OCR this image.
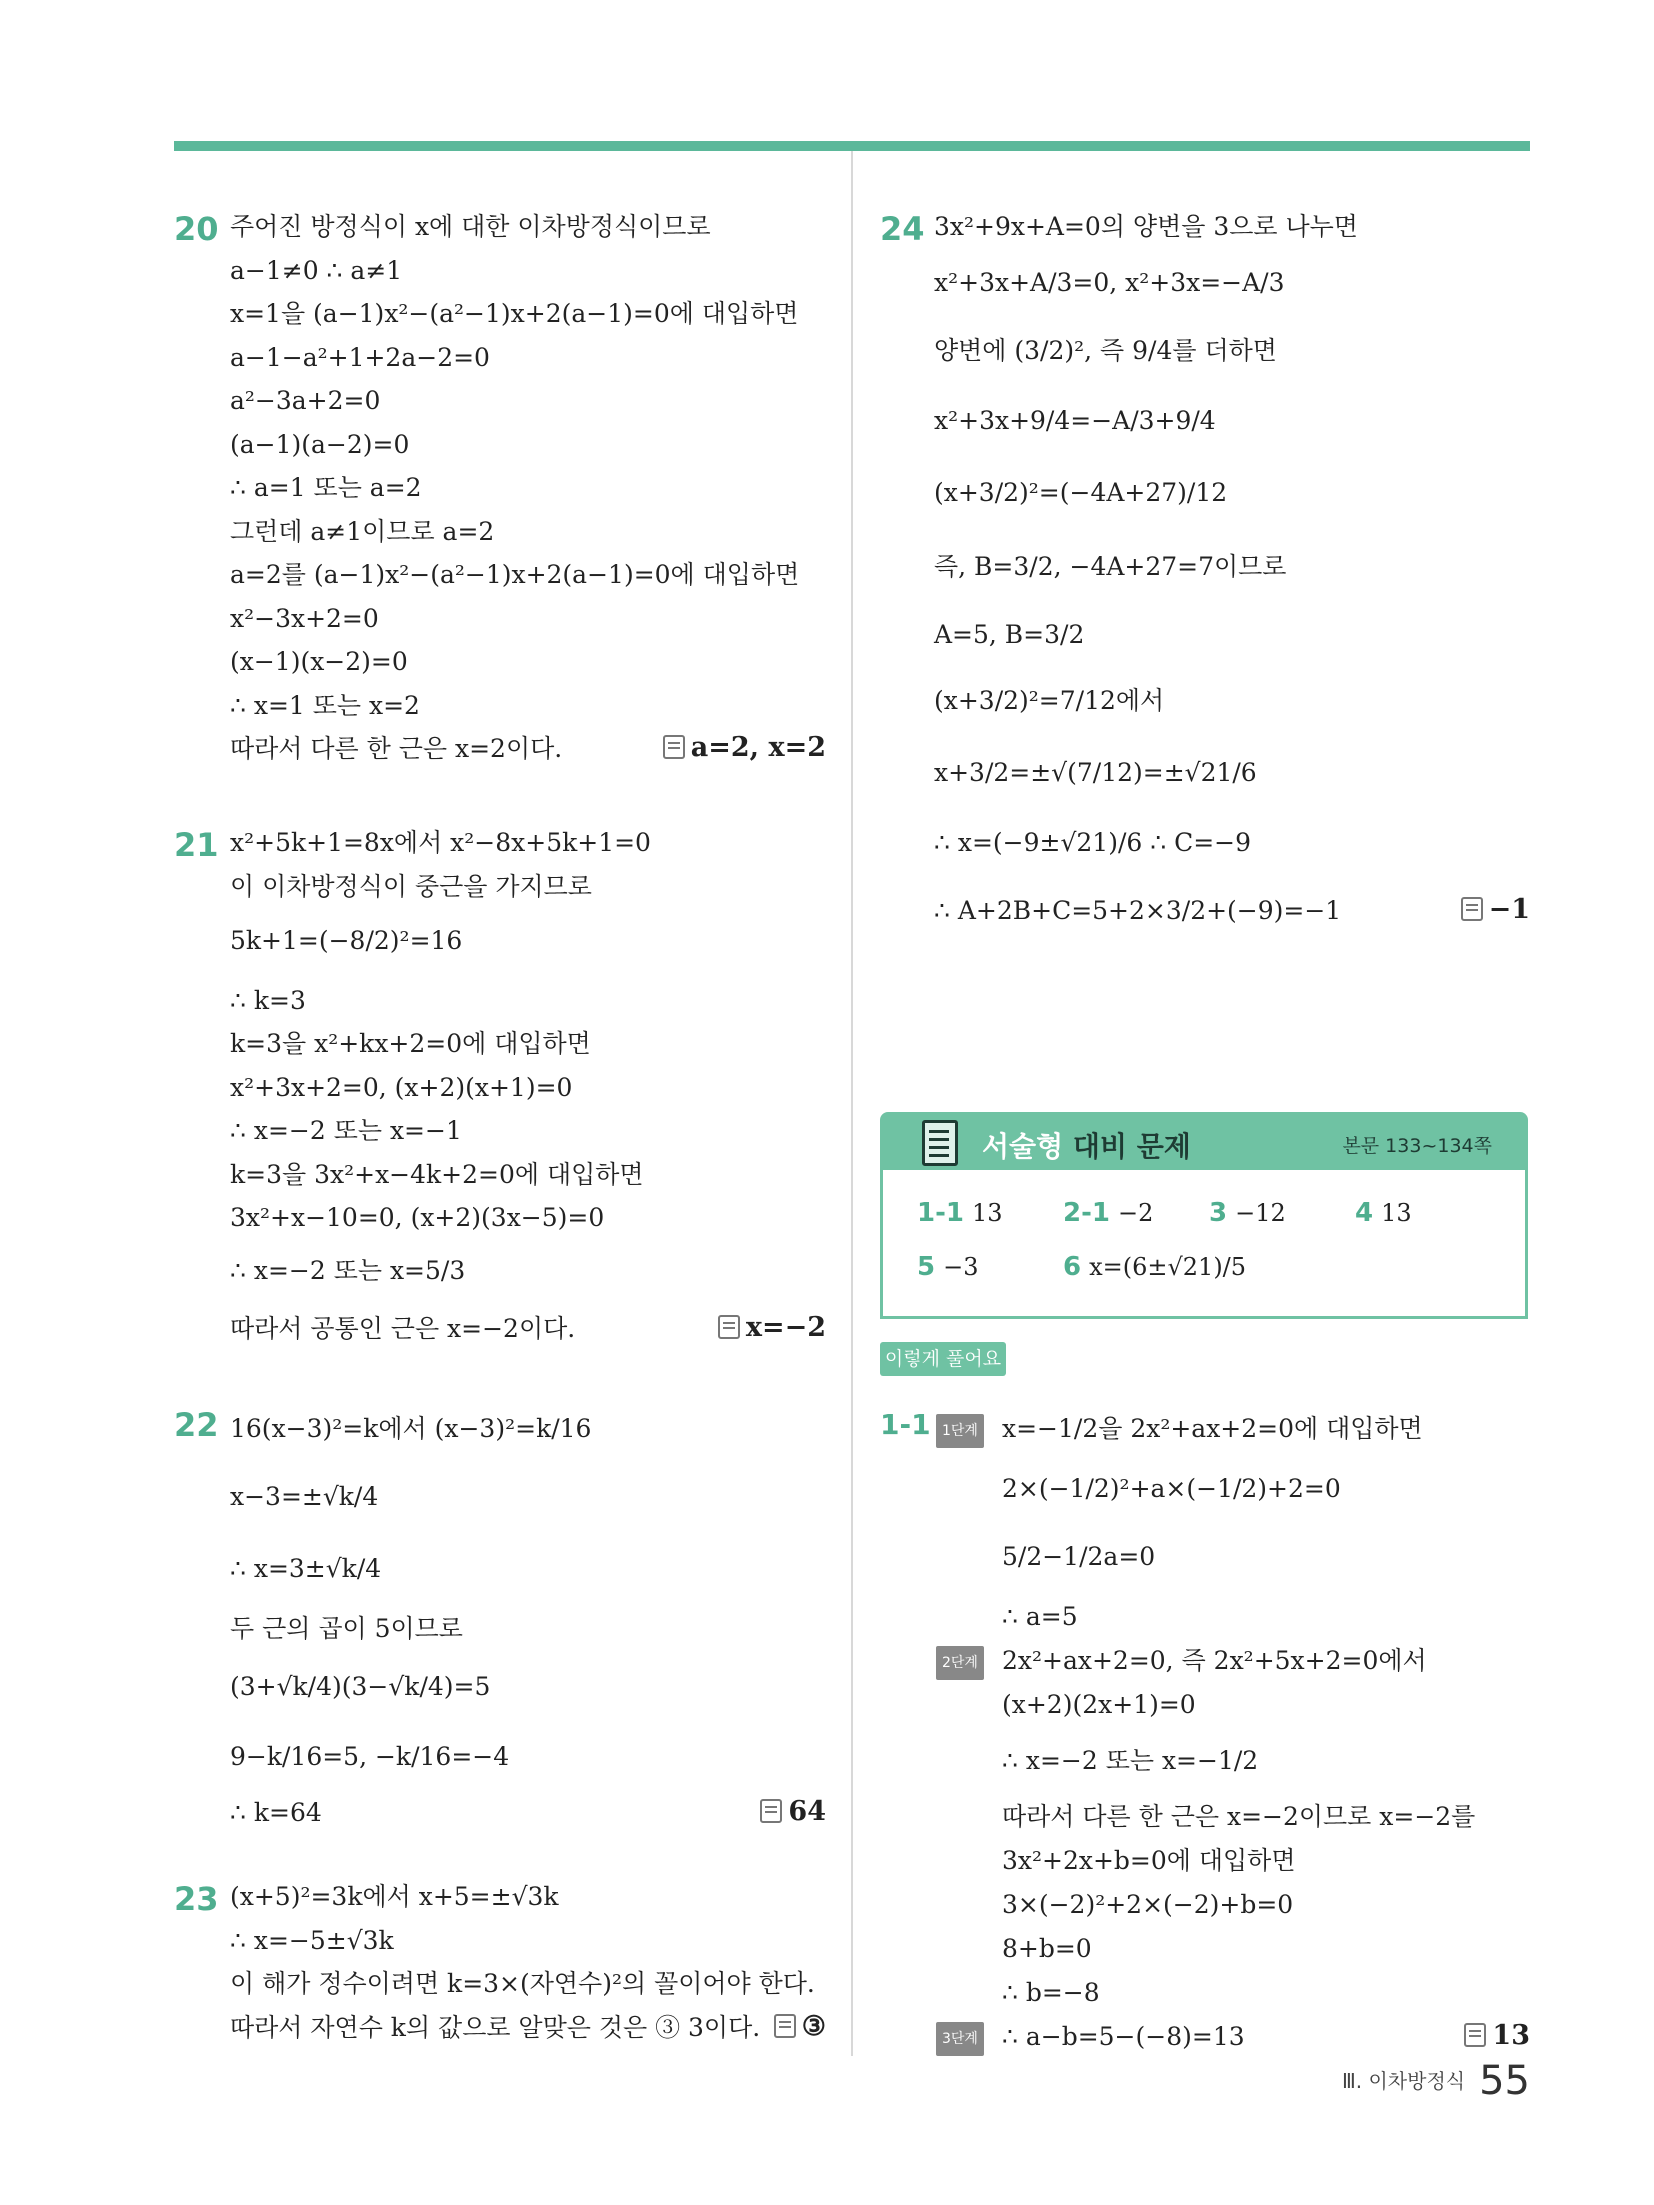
20 주어진 방정식이 x에 대한 이차방정식이므로
a−1≠0 ∴ a≠1
x=1을 (a−1)x²−(a²−1)x+2(a−1)=0에 대입하면
a−1−a²+1+2a−2=0
a²−3a+2=0
(a−1)(a−2)=0
∴ a=1 또는 a=2
그런데 a≠1이므로 a=2
a=2를 (a−1)x²−(a²−1)x+2(a−1)=0에 대입하면
x²−3x+2=0
(x−1)(x−2)=0
∴ x=1 또는 x=2
따라서 다른 한 근은 x=2이다.	a=2, x=2
21 x²+5k+1=8x에서 x²−8x+5k+1=0
이 이차방정식이 중근을 가지므로
5k+1=(−8/2)²=16
∴ k=3
k=3을 x²+kx+2=0에 대입하면
x²+3x+2=0, (x+2)(x+1)=0
∴ x=−2 또는 x=−1
k=3을 3x²+x−4k+2=0에 대입하면
3x²+x−10=0, (x+2)(3x−5)=0
∴ x=−2 또는 x=5/3
따라서 공통인 근은 x=−2이다.	x=−2
22 16(x−3)²=k에서 (x−3)²=k/16
x−3=±√k/4
∴ x=3±√k/4
두 근의 곱이 5이므로
(3+√k/4)(3−√k/4)=5
9−k/16=5, −k/16=−4
∴ k=64	64
23 (x+5)²=3k에서 x+5=±√3k
∴ x=−5±√3k
이 해가 정수이려면 k=3×(자연수)²의 꼴이어야 한다.
따라서 자연수 k의 값으로 알맞은 것은 ③ 3이다.	③
24 3x²+9x+A=0의 양변을 3으로 나누면
x²+3x+A/3=0, x²+3x=−A/3
양변에 (3/2)², 즉 9/4를 더하면
x²+3x+9/4=−A/3+9/4
(x+3/2)²=(−4A+27)/12
즉, B=3/2, −4A+27=7이므로
A=5, B=3/2
(x+3/2)²=7/12에서
x+3/2=±√(7/12)=±√21/6
∴ x=(−9±√21)/6 ∴ C=−9
∴ A+2B+C=5+2×3/2+(−9)=−1	−1
서술형 대비 문제	본문 133~134쪽
1-1 13 2-1 −2 3 −12	4 13
5 −3	6 x=(6±√21)/5
이렇게 풀어요
1-1 1단계 x=−1/2을 2x²+ax+2=0에 대입하면
2×(−1/2)²+a×(−1/2)+2=0
5/2−1/2a=0
∴ a=5
2단계 2x²+ax+2=0, 즉 2x²+5x+2=0에서
(x+2)(2x+1)=0
∴ x=−2 또는 x=−1/2
따라서 다른 한 근은 x=−2이므로 x=−2를
3x²+2x+b=0에 대입하면
3×(−2)²+2×(−2)+b=0
8+b=0
∴ b=−8
3단계 ∴ a−b=5−(−8)=13	13
Ⅲ. 이차방정식 55
